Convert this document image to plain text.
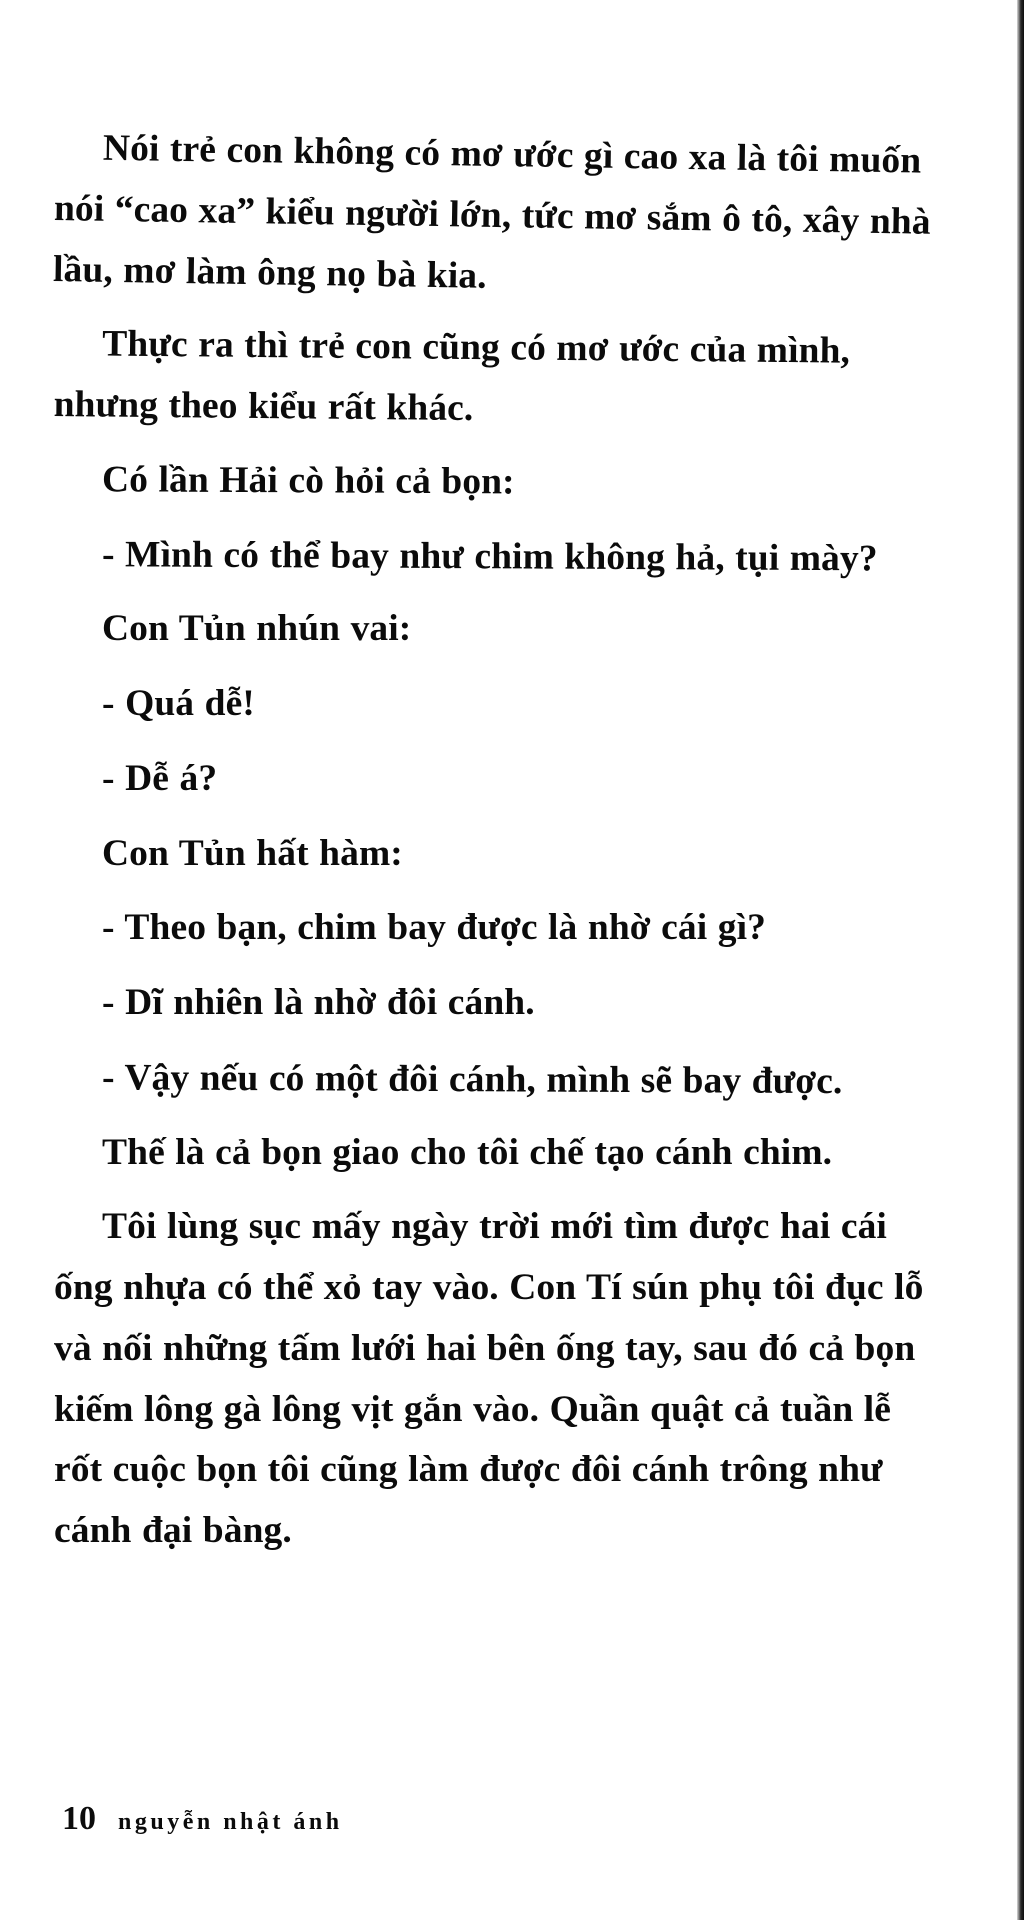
Nói trẻ con không có mơ ước gì cao xa là tôi muốn nói “cao xa” kiểu người lớn, tức mơ sắm ô tô, xây nhà lầu, mơ làm ông nọ bà kia.

Thực ra thì trẻ con cũng có mơ ước của mình, nhưng theo kiểu rất khác.

Có lần Hải cò hỏi cả bọn:

- Mình có thể bay như chim không hả, tụi mày?

Con Tủn nhún vai:

- Quá dễ!

- Dễ á?

Con Tủn hất hàm:

- Theo bạn, chim bay được là nhờ cái gì?

- Dĩ nhiên là nhờ đôi cánh.

- Vậy nếu có một đôi cánh, mình sẽ bay được.

Thế là cả bọn giao cho tôi chế tạo cánh chim.

Tôi lùng sục mấy ngày trời mới tìm được hai cái ống nhựa có thể xỏ tay vào. Con Tí sún phụ tôi đục lỗ và nối những tấm lưới hai bên ống tay, sau đó cả bọn kiếm lông gà lông vịt gắn vào. Quần quật cả tuần lễ rốt cuộc bọn tôi cũng làm được đôi cánh trông như cánh đại bàng.

10 nguyễn nhật ánh
